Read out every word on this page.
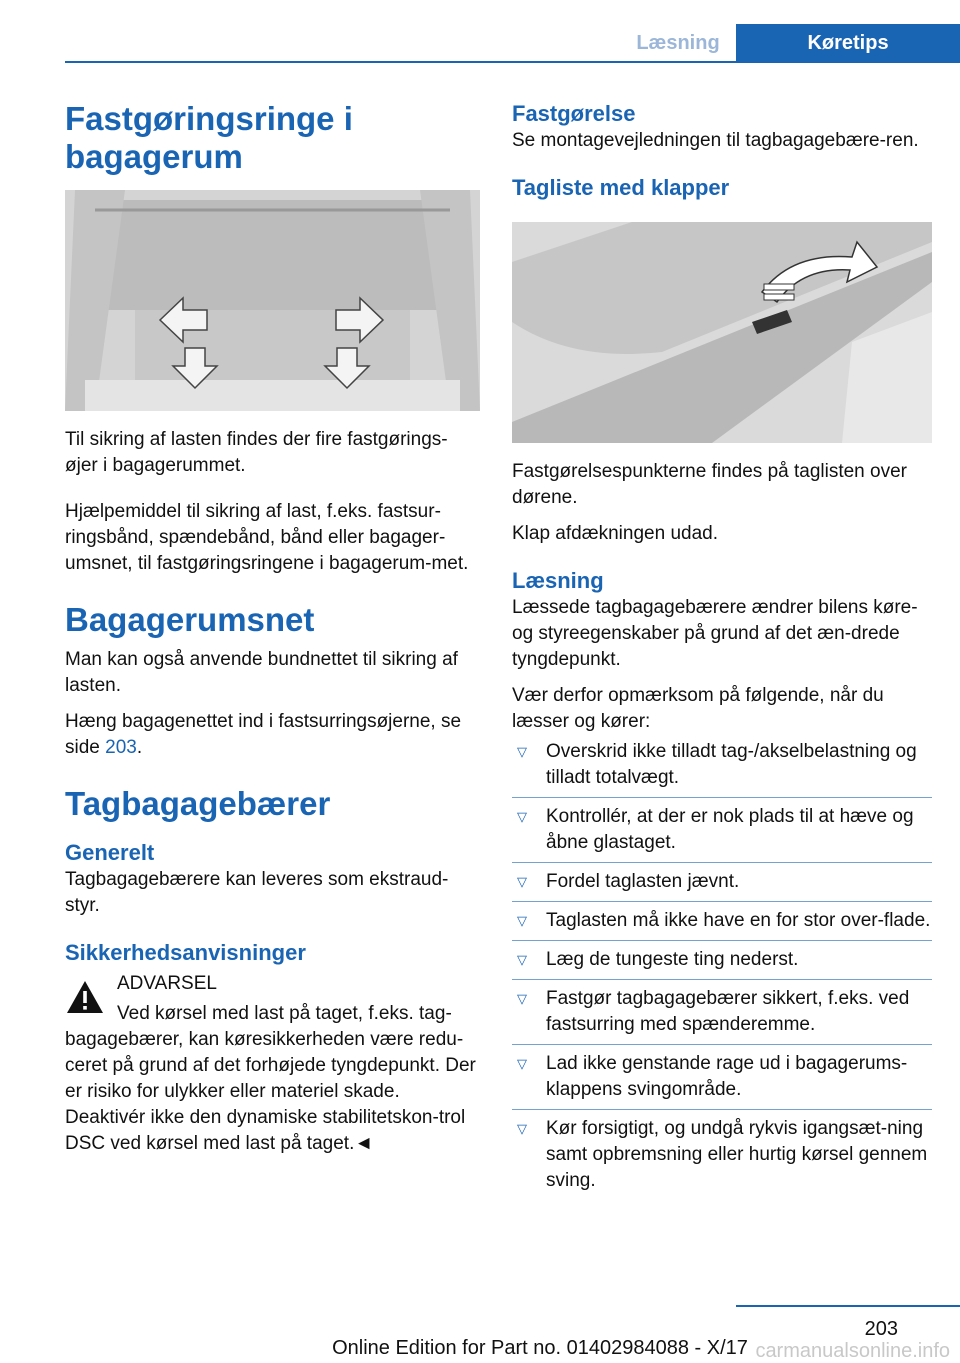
Læsning	Køretips
Fastgøringsringe i
bagagerum

Til sikring af lasten findes der fire fastgørings-øjer i bagagerummet.

Hjælpemiddel til sikring af last, f.eks. fastsur-ringsbånd, spændebånd, bånd eller bagager-umsnet, til fastgøringsringene i bagagerum-met.

Bagagerumsnet

Man kan også anvende bundnettet til sikring af lasten.

Hæng bagagenettet ind i fastsurringsøjerne, se side 203.

Tagbagagebærer
Generelt

Tagbagagebærere kan leveres som ekstraud-styr.

Sikkerhedsanvisninger
ADVARSEL
Ved kørsel med last på taget, f.eks. tag-bagagebærer, kan køresikkerheden være redu-ceret på grund af det forhøjede tyngdepunkt. Der er risiko for ulykker eller materiel skade. Deaktivér ikke den dynamiske stabilitetskon-trol DSC ved kørsel med last på taget.◄
Fastgørelse

Se montagevejledningen til tagbagagebære-ren.

Tagliste med klapper

Fastgørelsespunkterne findes på taglisten over dørene.

Klap afdækningen udad.

Læsning

Læssede tagbagagebærere ændrer bilens køre- og styreegenskaber på grund af det æn-drede tyngdepunkt.

Vær derfor opmærksom på følgende, når du læsser og kører:

▽ Overskrid ikke tilladt tag-/akselbelastning og tilladt totalvægt.
▽ Kontrollér, at der er nok plads til at hæve og åbne glastaget.
▽ Fordel taglasten jævnt.
▽ Taglasten må ikke have en for stor over-flade.
▽ Læg de tungeste ting nederst.
▽ Fastgør tagbagagebærer sikkert, f.eks. ved fastsurring med spænderemme.
▽ Lad ikke genstande rage ud i bagagerums-klappens svingområde.
▽ Kør forsigtigt, og undgå rykvis igangsæt-ning samt opbremsning eller hurtig kørsel gennem sving.
203
Online Edition for Part no. 01402984088 - X/17 carmanualsonline.info
